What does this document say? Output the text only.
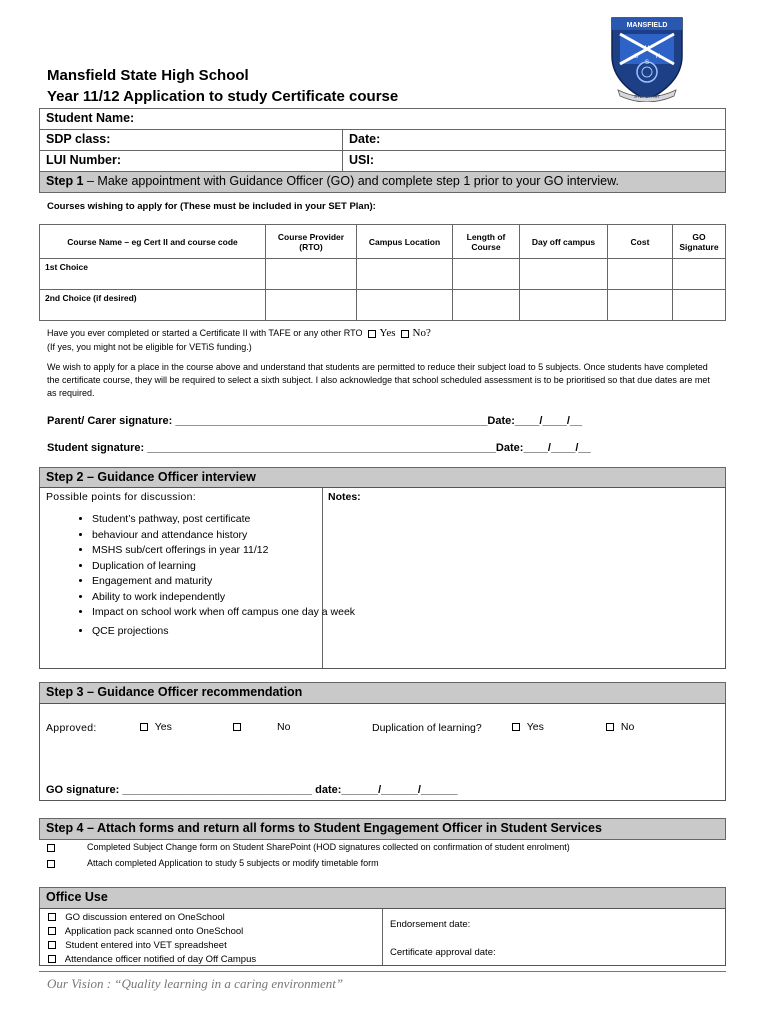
Mansfield State High School
Year 11/12 Application to study Certificate course
MANSFIELD
M
S	H
S
STEADFAST
Student Name:
SDP class:	Date:
LUI Number:	USI:
Step 1 – Make appointment with Guidance Officer (GO) and complete step 1 prior to your GO interview.
Courses wishing to apply for (These must be included in your SET Plan):
Course Name – eg Cert II and course code	Course Provider (RTO)	Campus Location	Length of Course	Day off campus	Cost	GO Signature
1st Choice						
2nd Choice (if desired)						
Have you ever completed or started a Certificate II with TAFE or any other RTO Yes No?
(If yes, you might not be eligible for VETiS funding.)
We wish to apply for a place in the course above and understand that students are permitted to reduce their subject load to 5 subjects. Once students have completed the certificate course, they will be required to select a sixth subject. I also acknowledge that school scheduled assessment is to be prioritised so that due dates are met as required.
Parent/ Carer signature: ___________________________________________________Date:____/____/__
Student signature: _________________________________________________________Date:____/____/__
Step 2 – Guidance Officer interview
Possible points for discussion:	Notes:
• Student’s pathway, post certificate
• behaviour and attendance history
• MSHS sub/cert offerings in year 11/12
• Duplication of learning
• Engagement and maturity
• Ability to work independently
• Impact on school work when off campus one day a week
• QCE projections
Step 3 – Guidance Officer recommendation
Approved:	Yes	No	Duplication of learning?	Yes	No
GO signature: _______________________________ date:______/______/______
Step 4 – Attach forms and return all forms to Student Engagement Officer in Student Services
Completed Subject Change form on Student SharePoint (HOD signatures collected on confirmation of student enrolment)
Attach completed Application to study 5 subjects or modify timetable form
Office Use
GO discussion entered on OneSchool
Application pack scanned onto OneSchool
Student entered into VET spreadsheet
Attendance officer notified of day Off Campus
Endorsement date:
Certificate approval date:
Our Vision : “Quality learning in a caring environment”
